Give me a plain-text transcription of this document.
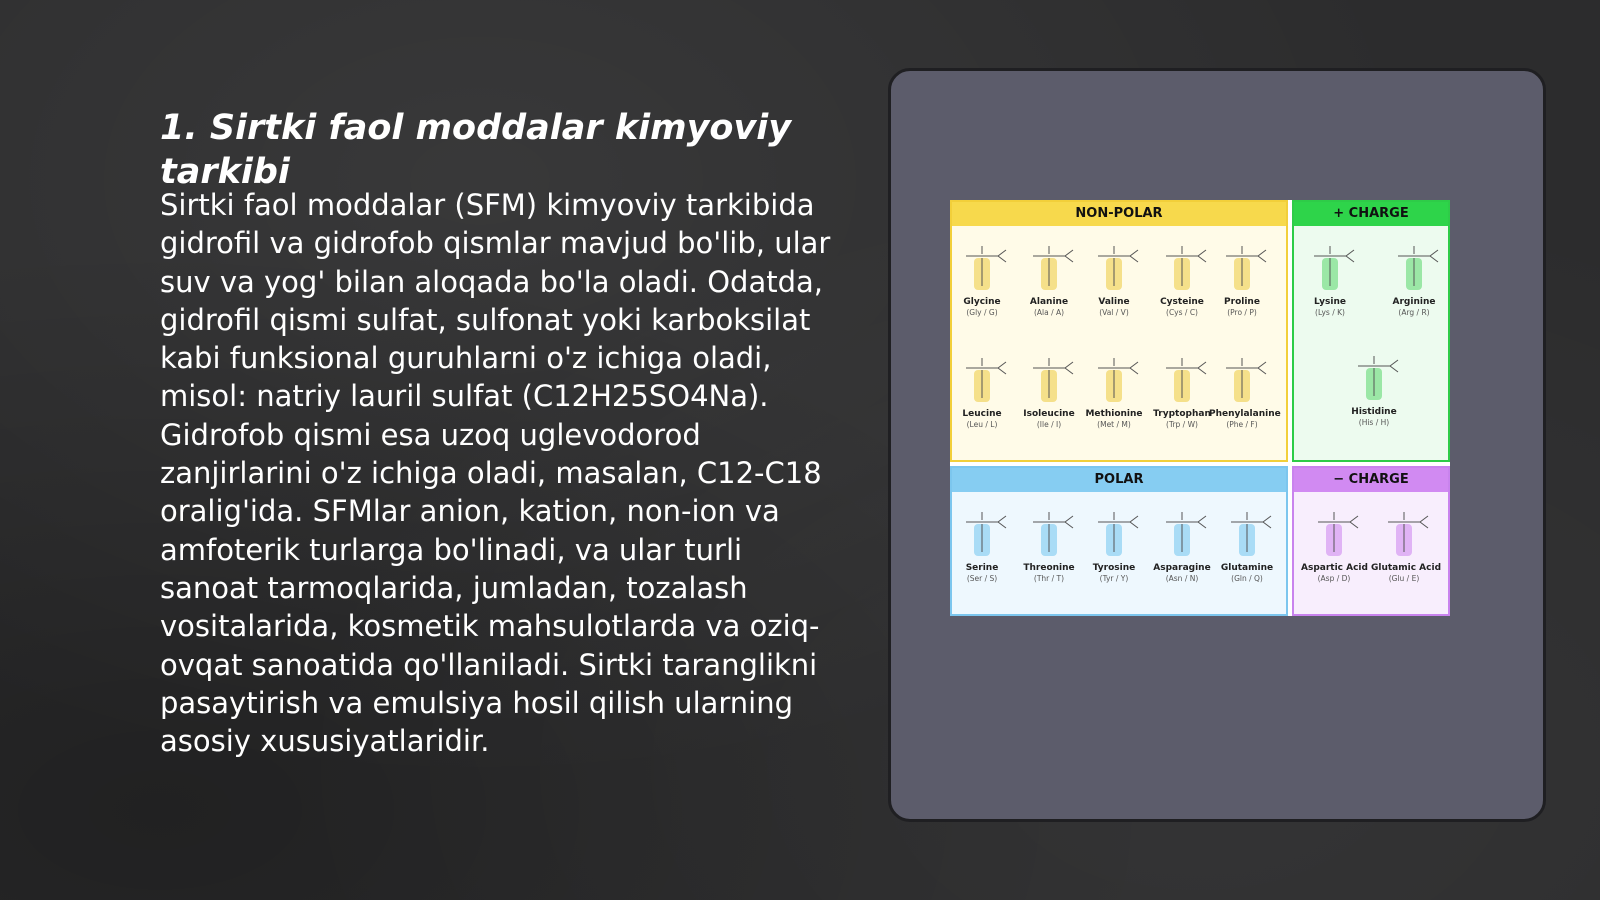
1. Sirtki faol moddalar kimyoviy tarkibi

Sirtki faol moddalar (SFM) kimyoviy tarkibida gidrofil va gidrofob qismlar mavjud bo'lib, ular suv va yog' bilan aloqada bo'la oladi. Odatda, gidrofil qismi sulfat, sulfonat yoki karboksilat kabi funksional guruhlarni o'z ichiga oladi, misol: natriy lauril sulfat (C12H25SO4Na). Gidrofob qismi esa uzoq uglevodorod zanjirlarini o'z ichiga oladi, masalan, C12-C18 oralig'ida. SFMlar anion, kation, non-ion va amfoterik turlarga bo'linadi, va ular turli sanoat tarmoqlarida, jumladan, tozalash vositalarida, kosmetik mahsulotlarda va oziq-ovqat sanoatida qo'llaniladi. Sirtki taranglikni pasaytirish va emulsiya hosil qilish ularning asosiy xususiyatlaridir.

NON-POLAR
Glycine
(Gly / G)
Alanine
(Ala / A)
Valine
(Val / V)
Cysteine
(Cys / C)
Proline
(Pro / P)
Leucine
(Leu / L)
Isoleucine
(Ile / I)
Methionine
(Met / M)
Tryptophan
(Trp / W)
Phenylalanine
(Phe / F)
+ CHARGE
Lysine
(Lys / K)
Arginine
(Arg / R)
Histidine
(His / H)
POLAR
Serine
(Ser / S)
Threonine
(Thr / T)
Tyrosine
(Tyr / Y)
Asparagine
(Asn / N)
Glutamine
(Gln / Q)
− CHARGE
Aspartic Acid
(Asp / D)
Glutamic Acid
(Glu / E)
